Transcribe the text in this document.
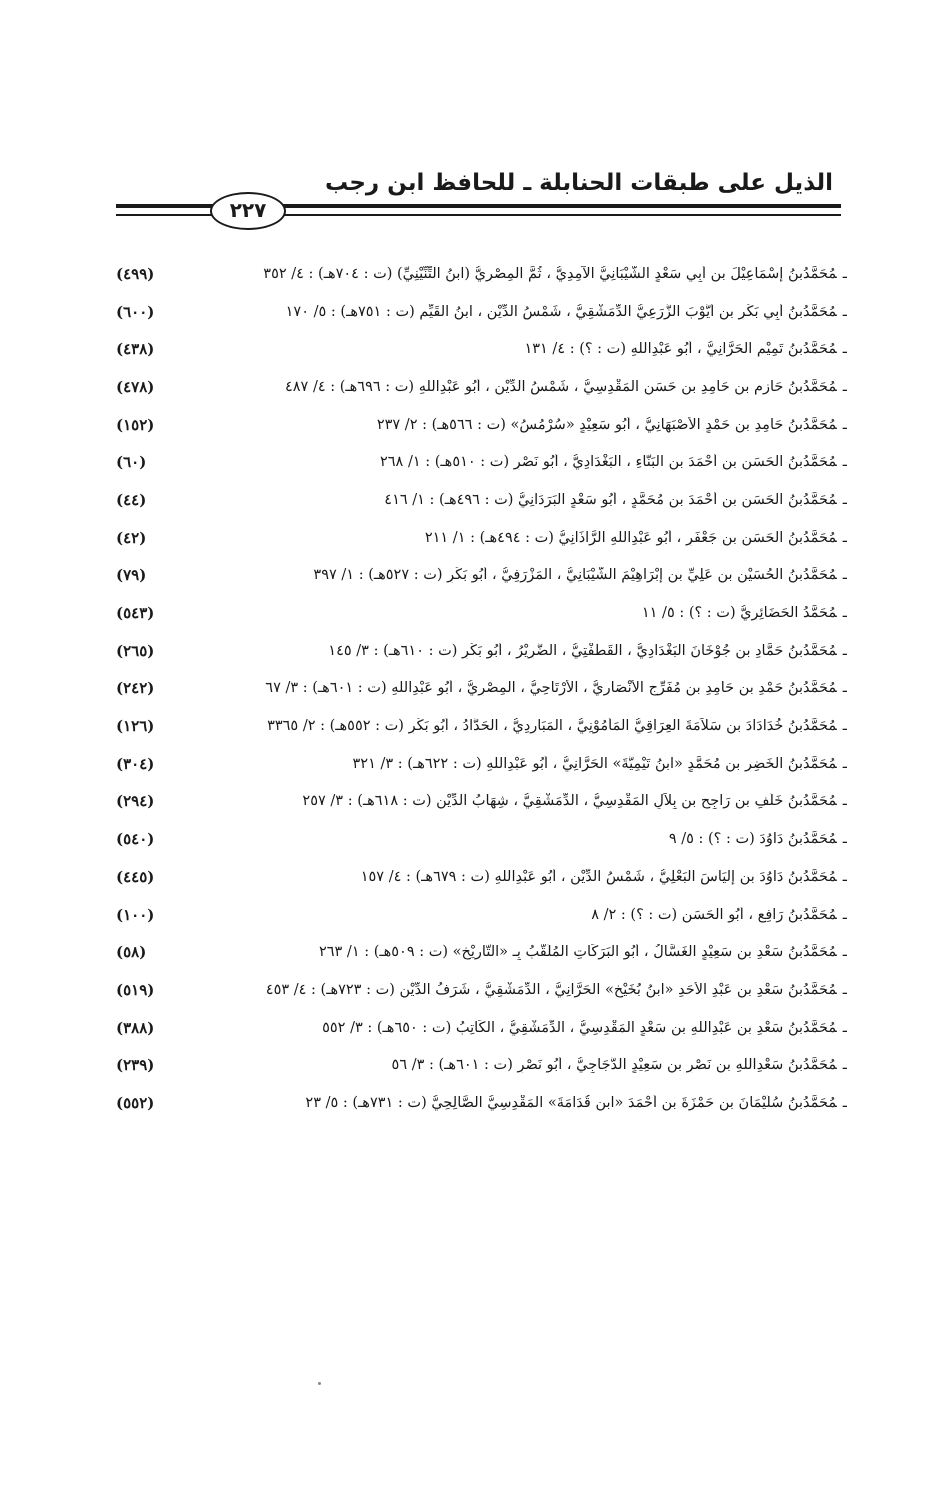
الذيل على طبقات الحنابلة ـ للحافظ ابن رجب
٢٢٧
ـمُحَمَّدُبنُ إِسْمَاعِيْلَ بنِ أَبِي سَعْدٍ الشَّيْبَانِيُّ الآمِدِيُّ ، ثُمَّ المِصْرِيُّ (ابنُ التِّنِّيْنِيِّ) (ت : ٧٠٤هـ) : ٤/ ٣٥٢
(٤٩٩)
ـمُحَمَّدُبنُ أَبِي بَكْرِ بنِ أَيُّوْبَ الزُّرَعِيُّ الدِّمَشْقِيُّ ، شَمْسُ الدِّيْنِ ، ابنُ القَيِّمِ (ت : ٧٥١هـ) : ٥/ ١٧٠
(٦٠٠)
ـمُحَمَّدُبنُ تَمِيْمٍ الحَرَّانِيُّ ، أَبُو عَبْدِاللهِ (ت : ؟) : ٤/ ١٣١
(٤٣٨)
ـمُحَمَّدُبنُ حَازِمِ بنِ حَامِدِ بنِ حَسَنٍ المَقْدِسِيُّ ، شَمْسُ الدِّيْنِ ، أَبُو عَبْدِاللهِ (ت : ٦٩٦هـ) : ٤/ ٤٨٧
(٤٧٨)
ـمُحَمَّدُبنُ حَامِدِ بنِ حَمْدٍ الأَصْبَهَانِيُّ ، أَبُو سَعِيْدٍ «سُرْمُسُ» (ت : ٥٦٦هـ) : ٢/ ٢٣٧
(١٥٢)
ـمُحَمَّدُبنُ الحَسَنِ بنِ أَحْمَدَ بنِ البَنَّاءِ ، البَغْدَادِيُّ ، أَبُو نَصْرٍ (ت : ٥١٠هـ) : ١/ ٢٦٨
(٦٠)
ـمُحَمَّدُبنُ الحَسَنِ بنِ أَحْمَدَ بنِ مُحَمَّدٍ ، أَبُو سَعْدٍ البَرَدَانِيُّ (ت : ٤٩٦هـ) : ١/ ٤١٦
(٤٤)
ـمُحَمَّدُبنُ الحَسَنِ بنِ جَعْفَرٍ ، أَبُو عَبْدِاللهِ الرَّاذَانِيُّ (ت : ٤٩٤هـ) : ١/ ٢١١
(٤٢)
ـمُحَمَّدُبنُ الحُسَيْنِ بنِ عَلِيِّ بنِ إِبْرَاهِيْمَ الشَّيْبَانِيُّ ، المَزْرَفِيُّ ، أَبُو بَكْرٍ (ت : ٥٢٧هـ) : ١/ ٣٩٧
(٧٩)
ـمُحَمَّدُ الحَضَائِرِيُّ (ت : ؟) : ٥/ ١١
(٥٤٣)
ـمُحَمَّدُبنُ حَمَّادِ بنِ جُوْخَانَ البَغْدَادِيُّ ، القَطْفْتِيُّ ، الضَّرِيْرُ ، أَبُو بَكْرٍ (ت : ٦١٠هـ) : ٣/ ١٤٥
(٢٦٥)
ـمُحَمَّدُبنُ حَمْدِ بنِ حَامِدِ بنِ مُفَرِّجٍ الأَنْصَارِيُّ ، الأَرْتَاحِيُّ ، المِصْرِيُّ ، أَبُو عَبْدِاللهِ (ت : ٦٠١هـ) : ٣/ ٦٧
(٢٤٢)
ـمُحَمَّدُبنُ خُدَادَادَ بنِ سَلاَمَةَ العِرَاقِيُّ المَأْمُوْنِيُّ ، المَبَارِدِيُّ ، الحَدَّادُ ، أَبُو بَكْرٍ (ت : ٥٥٢هـ) : ٢/ ٣٣٦٥
(١٢٦)
ـمُحَمَّدُبنُ الخَضِرِ بنِ مُحَمَّدٍ «ابنُ تَيْمِيَّةَ» الحَرَّانِيُّ ، أَبُو عَبْدِاللهِ (ت : ٦٢٢هـ) : ٣/ ٣٢١
(٣٠٤)
ـمُحَمَّدُبنُ خَلَفِ بنِ رَاجِحِ بنِ بِلاَلٍ المَقْدِسِيُّ ، الدِّمَشْقِيُّ ، شِهَابُ الدِّيْنِ (ت : ٦١٨هـ) : ٣/ ٢٥٧
(٢٩٤)
ـمُحَمَّدُبنُ دَاوُدَ (ت : ؟) : ٥/ ٩
(٥٤٠)
ـمُحَمَّدُبنُ دَاوُدَ بنِ إِلْيَاسَ البَعْلِيُّ ، شَمْسُ الدِّيْنِ ، أَبُو عَبْدِاللهِ (ت : ٦٧٩هـ) : ٤/ ١٥٧
(٤٤٥)
ـمُحَمَّدُبنُ رَافِعٍ ، أَبُو الحَسَنِ (ت : ؟) : ٢/ ٨
(١٠٠)
ـمُحَمَّدُبنُ سَعْدِ بنِ سَعِيْدٍ الغَسَّالُ ، أَبُو البَرَكَاتِ المُلَقَّبُ بِـ «التَّارِيْخِ» (ت : ٥٠٩هـ) : ١/ ٢٦٣
(٥٨)
ـمُحَمَّدُبنُ سَعْدِ بنِ عَبْدِ الأَحَدِ «ابنُ بُخَيْخٍ» الحَرَّانِيُّ ، الدِّمَشْقِيُّ ، شَرَفُ الدِّيْنِ (ت : ٧٢٣هـ) : ٤/ ٤٥٣
(٥١٩)
ـمُحَمَّدُبنُ سَعْدِ بنِ عَبْدِاللهِ بنِ سَعْدٍ المَقْدِسِيُّ ، الدِّمَشْقِيُّ ، الكَاتِبُ (ت : ٦٥٠هـ) : ٣/ ٥٥٢
(٣٨٨)
ـمُحَمَّدُبنُ سَعْدِاللهِ بنِ نَصْرِ بنِ سَعِيْدٍ الدَّجَاجِيُّ ، أَبُو نَصْرٍ (ت : ٦٠١هـ) : ٣/ ٥٦
(٢٣٩)
ـمُحَمَّدُبنُ سُلَيْمَانَ بنِ حَمْزَةَ بنِ أَحْمَدَ «ابنِ قُدَامَةَ» المَقْدِسِيُّ الصَّالِحِيُّ (ت : ٧٣١هـ) : ٥/ ٢٣
(٥٥٢)
